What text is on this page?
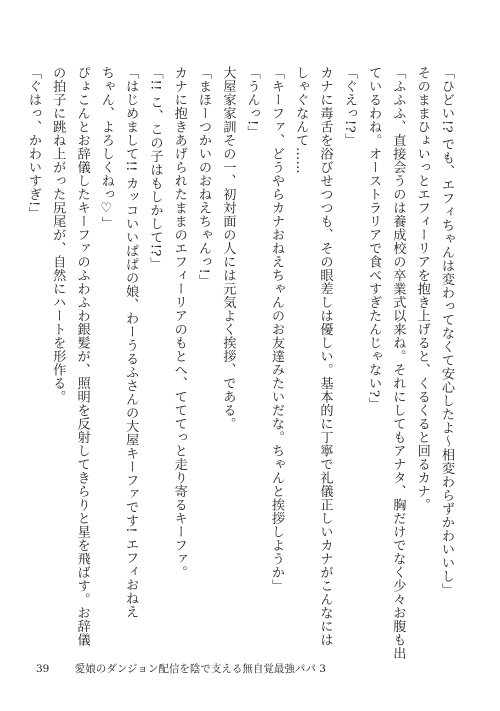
「ひどい!? でも、エフィちゃんは変わってなくて安心したよ～相変わらずかわいいし」

そのままひょいっとエフィーリアを抱き上げると、くるくると回るカナ。

「ふふふ、直接会うのは養成校の卒業式以来ね。それにしてもアナタ、胸だけでなく少々お腹も出

ているわね。オーストラリアで食べすぎたんじゃない?」

「ぐえっ!?」

カナに毒舌を浴びせつつも、その眼差しは優しい。基本的に丁寧で礼儀正しいカナがこんなには

しゃぐなんて……

「キーファ、どうやらカナおねえちゃんのお友達みたいだな。ちゃんと挨拶しようか」

「うんっ!」

大屋家家訓その一、初対面の人には元気よく挨拶、である。

「まほーつかいのおねえちゃんっ!」

カナに抱きあげられたままのエフィーリアのもとへ、てててっと走り寄るキーファ。

「!! こ、この子はもしかして!?」

「はじめまして!! カッコいいぱぱの娘、わーうるふさんの大屋キーファです! エフィおねえ

ちゃん、よろしくねっ♡」

ぴょこんとお辞儀したキーファのふわふわ銀髪が、照明を反射してきらりと星を飛ばす。お辞儀

の拍子に跳ね上がった尻尾が、自然にハートを形作る。

「ぐはっ、かわいすぎ!」

39 愛娘のダンジョン配信を陰で支える無自覚最強パパ 3
